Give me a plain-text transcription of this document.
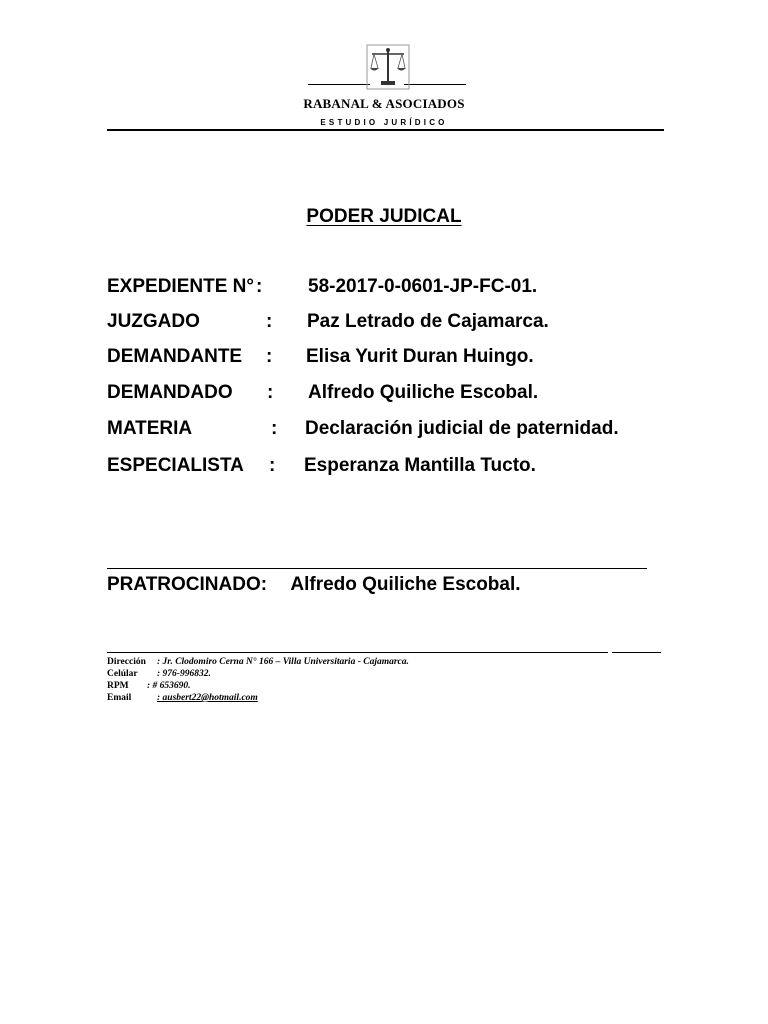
RABANAL & ASOCIADOS
ESTUDIO JURÍDICO
PODER JUDICAL
EXPEDIENTE N° : 58-2017-0-0601-JP-FC-01.
JUZGADO	: Paz Letrado de Cajamarca.
DEMANDANTE : Elisa Yurit Duran Huingo.
DEMANDADO : Alfredo Quiliche Escobal.
MATERIA	: Declaración judicial de paternidad.
ESPECIALISTA : Esperanza Mantilla Tucto.
PRATROCINADO: Alfredo Quiliche Escobal.
Dirección : Jr. Clodomiro Cerna N° 166 – Villa Universitaria - Cajamarca.
Celúlar : 976-996832.
RPM : # 653690.
Email	: ausbert22@hotmail.com
